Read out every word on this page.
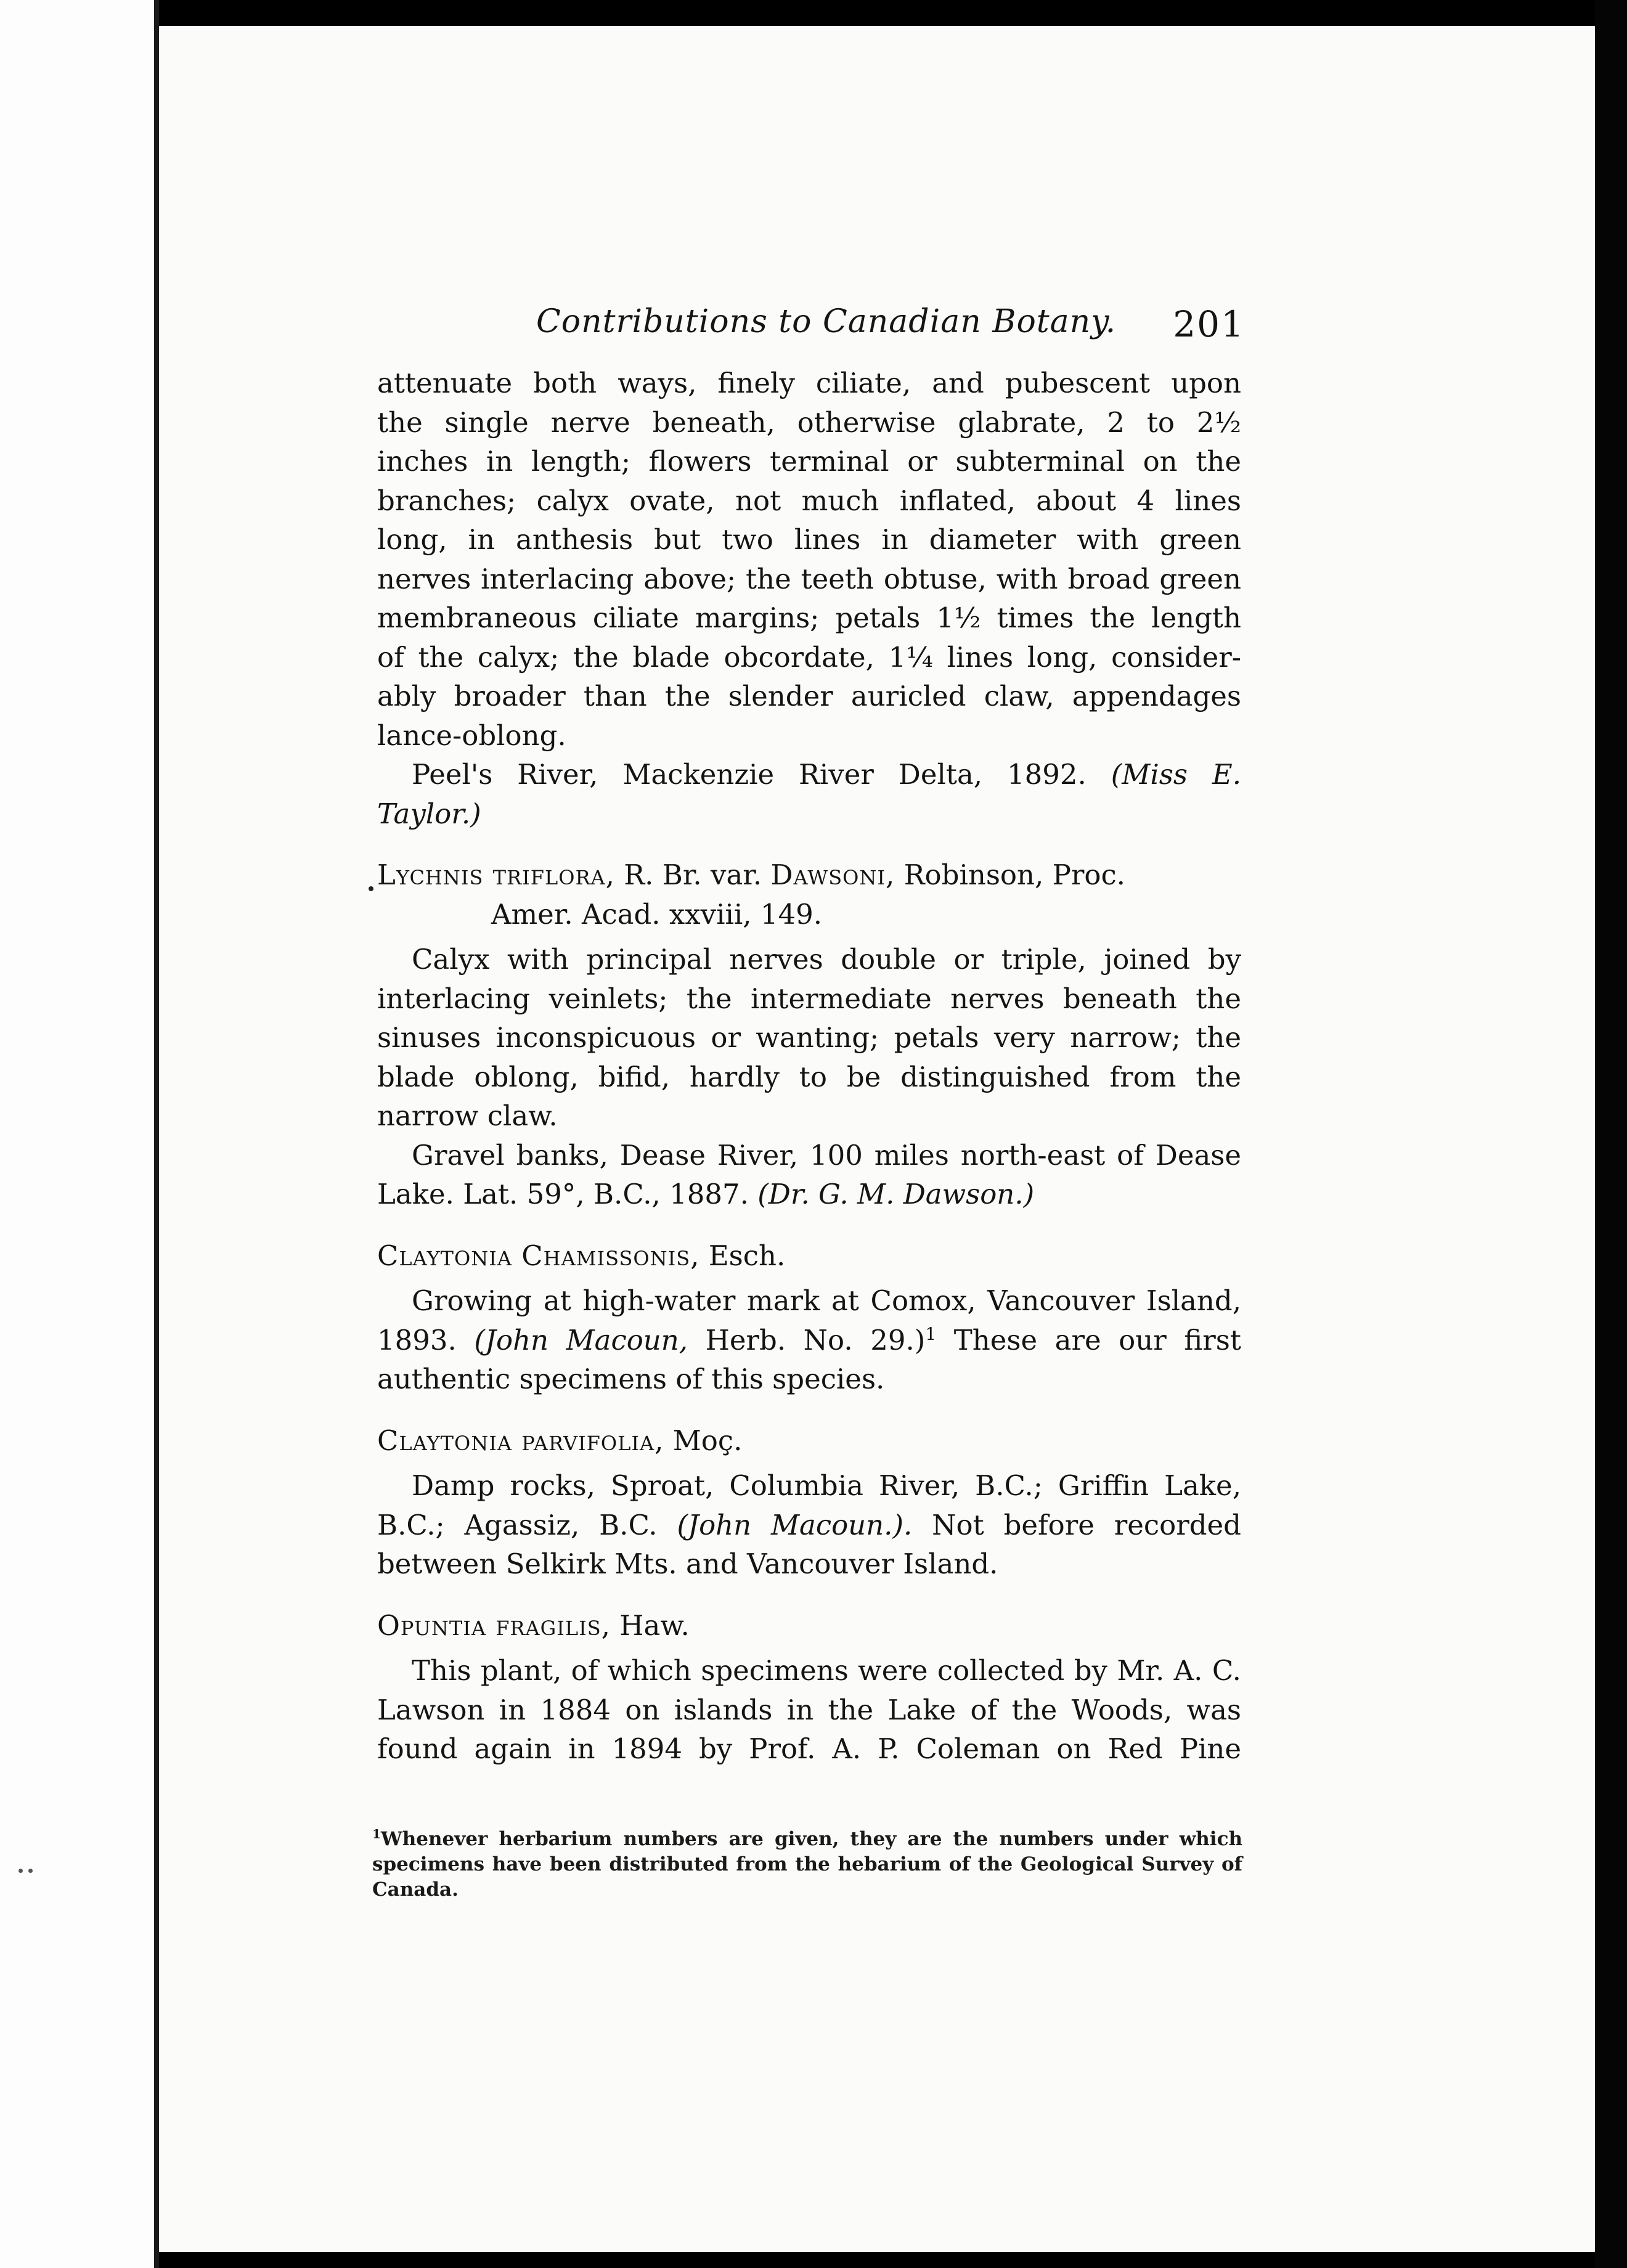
Contributions to Canadian Botany. 201
attenuate both ways, finely ciliate, and pubescent upon
the single nerve beneath, otherwise glabrate, 2 to 2½
inches in length; flowers terminal or subterminal on the
branches; calyx ovate, not much inflated, about 4 lines
long, in anthesis but two lines in diameter with green
nerves interlacing above; the teeth obtuse, with broad green
membraneous ciliate margins; petals 1½ times the length
of the calyx; the blade obcordate, 1¼ lines long, consider-
ably broader than the slender auricled claw, appendages
lance-oblong.

Peel's River, Mackenzie River Delta, 1892. (Miss E. Taylor.)

Lychnis triflora, R. Br. var. Dawsoni, Robinson, Proc.

Amer. Acad. xxviii, 149.

Calyx with principal nerves double or triple, joined by interlacing veinlets; the intermediate nerves beneath the sinuses inconspicuous or wanting; petals very narrow; the blade oblong, bifid, hardly to be distinguished from the narrow claw.

Gravel banks, Dease River, 100 miles north-east of Dease Lake. Lat. 59°, B.C., 1887. (Dr. G. M. Dawson.)

Claytonia Chamissonis, Esch.

Growing at high-water mark at Comox, Vancouver Island, 1893. (John Macoun, Herb. No. 29.)$^1$ These are our first authentic specimens of this species.

Claytonia parvifolia, Moç.

Damp rocks, Sproat, Columbia River, B.C.; Griffin Lake, B.C.; Agassiz, B.C. (John Macoun.). Not before recorded between Selkirk Mts. and Vancouver Island.

Opuntia fragilis, Haw.

This plant, of which specimens were collected by Mr. A. C. Lawson in 1884 on islands in the Lake of the Woods, was found again in 1894 by Prof. A. P. Coleman on Red Pine

$^1$Whenever herbarium numbers are given, they are the numbers under which specimens have been distributed from the hebarium of the Geological Survey of Canada.
